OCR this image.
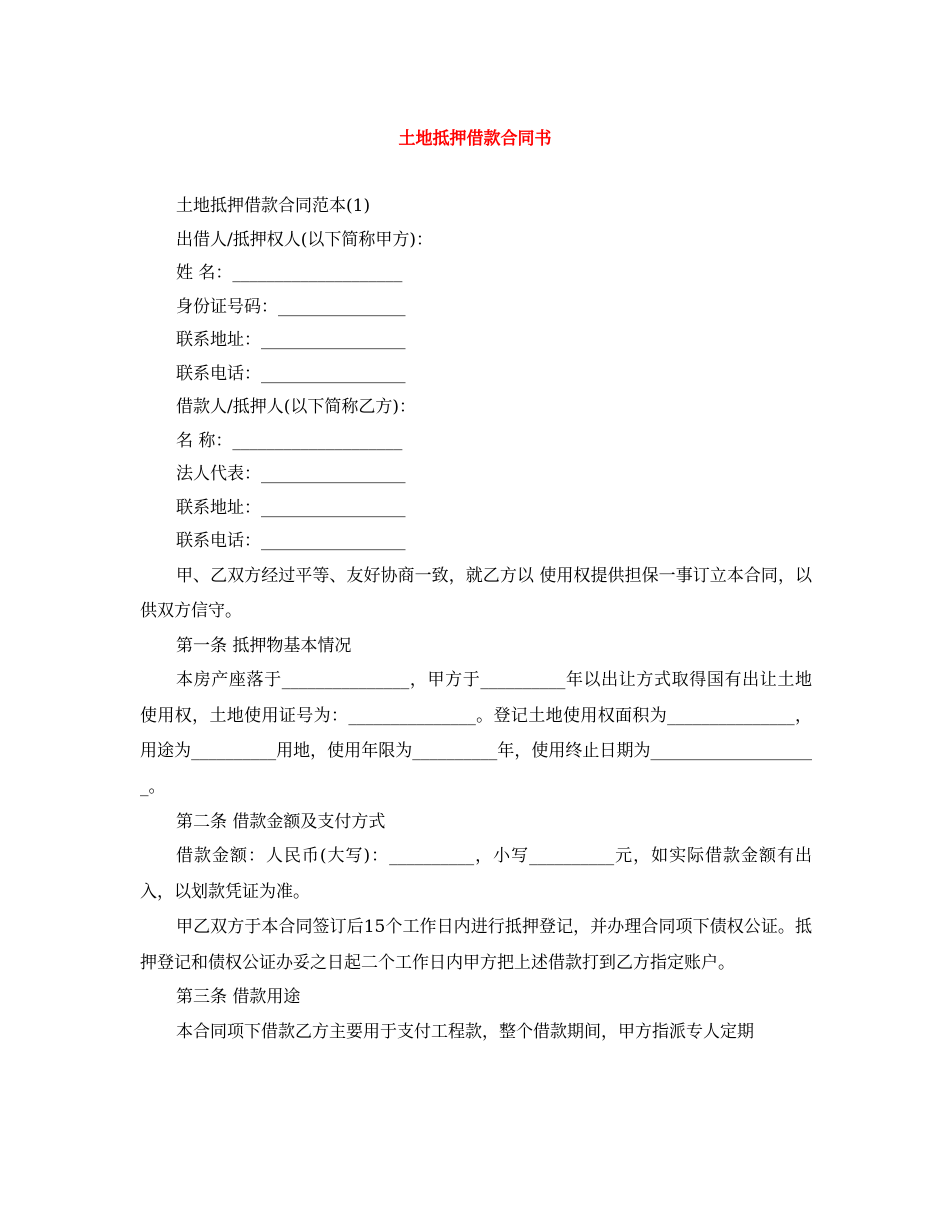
土地抵押借款合同书

土地抵押借款合同范本(1)

出借人/抵押权人(以下简称甲方)：

姓 名：____________________

身份证号码：_______________

联系地址：_________________

联系电话：_________________

借款人/抵押人(以下简称乙方)：

名 称：____________________

法人代表：_________________

联系地址：_________________

联系电话：_________________

甲、乙双方经过平等、友好协商一致，就乙方以 使用权提供担保一事订立本合同，以供双方信守。

第一条 抵押物基本情况

本房产座落于_______________，甲方于__________年以出让方式取得国有出让土地使用权，土地使用证号为：_______________。登记土地使用权面积为_______________，用途为__________用地，使用年限为__________年，使用终止日期为____________________。

第二条 借款金额及支付方式

借款金额：人民币(大写)：__________，小写__________元，如实际借款金额有出入，以划款凭证为准。

甲乙双方于本合同签订后15个工作日内进行抵押登记，并办理合同项下债权公证。抵押登记和债权公证办妥之日起二个工作日内甲方把上述借款打到乙方指定账户。

第三条 借款用途

本合同项下借款乙方主要用于支付工程款，整个借款期间，甲方指派专人定期
